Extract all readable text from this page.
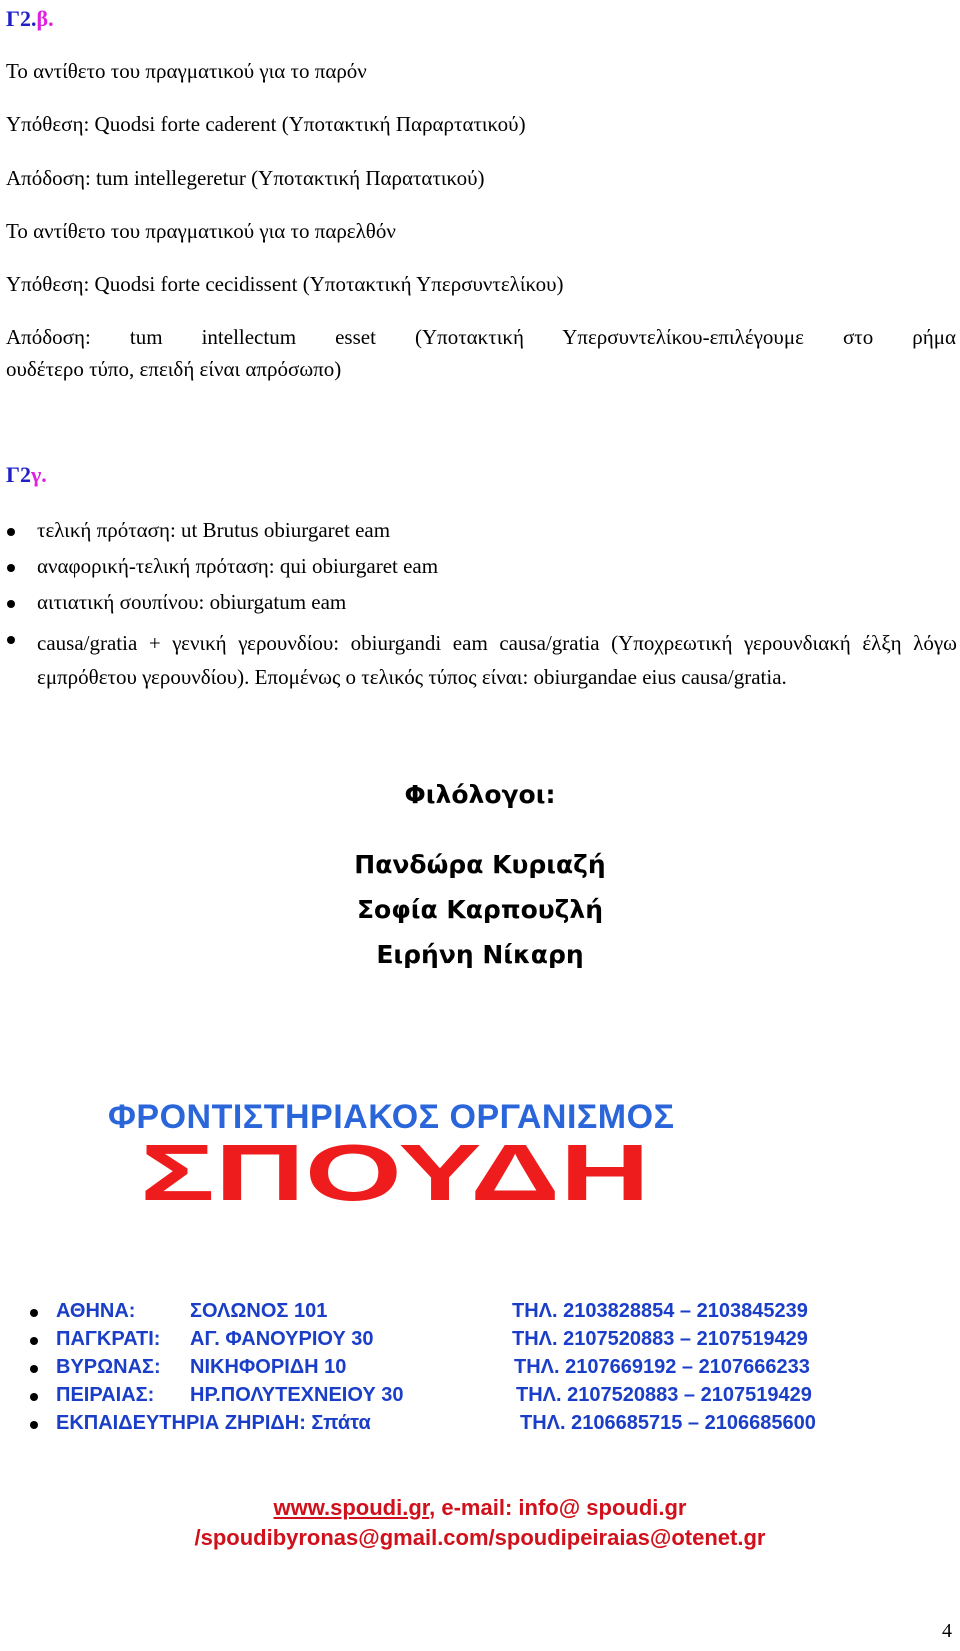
Γ2.β.
Το αντίθετο του πραγματικού για το παρόν
Υπόθεση: Quodsi forte caderent (Υποτακτική Παραρτατικού)
Απόδοση: tum intellegeretur (Υποτακτική Παρατατικού)
Το αντίθετο του πραγματικού για το παρελθόν
Υπόθεση: Quodsi forte cecidissent (Υποτακτική Υπερσυντελίκου)
Απόδοση: tum intellectum esset (Υποτακτική Υπερσυντελίκου-επιλέγουμε στο ρήμα
ουδέτερο τύπο, επειδή είναι απρόσωπο)
Γ2γ.
τελική πρόταση: ut Brutus obiurgaret eam
αναφορική-τελική πρόταση: qui obiurgaret eam
αιτιατική σουπίνου: obiurgatum eam
causa/gratia + γενική γερουνδίου: obiurgandi eam causa/gratia (Υποχρεωτική γερουνδιακή έλξη λόγω εμπρόθετου γερουνδίου). Επομένως ο τελικός τύπος είναι: obiurgandae eius causa/gratia.
Φιλόλογοι:
Πανδώρα Κυριαζή
Σοφία Καρπουζλή
Ειρήνη Νίκαρη
ΦΡΟΝΤΙΣΤΗΡΙΑΚΟΣ ΟΡΓΑΝΙΣΜΟΣ
ΣΠΟΥΔΗ
ΑΘΗΝΑ:	ΣΟΛΩΝΟΣ 101	ΤΗΛ. 2103828854 – 2103845239
ΠΑΓΚΡΑΤΙ: ΑΓ. ΦΑΝΟΥΡΙΟΥ 30	ΤΗΛ. 2107520883 – 2107519429
ΒΥΡΩΝΑΣ: ΝΙΚΗΦΟΡΙΔΗ 10	ΤΗΛ. 2107669192 – 2107666233
ΠΕΙΡΑΙΑΣ: ΗΡ.ΠΟΛΥΤΕΧΝΕΙΟΥ 30	ΤΗΛ. 2107520883 – 2107519429
ΕΚΠΑΙΔΕΥΤΗΡΙΑ ΖΗΡΙΔΗ: Σπάτα	ΤΗΛ. 2106685715 – 2106685600
www.spoudi.gr, e-mail: info@ spoudi.gr
/spoudibyronas@gmail.com/spoudipeiraias@otenet.gr
4
